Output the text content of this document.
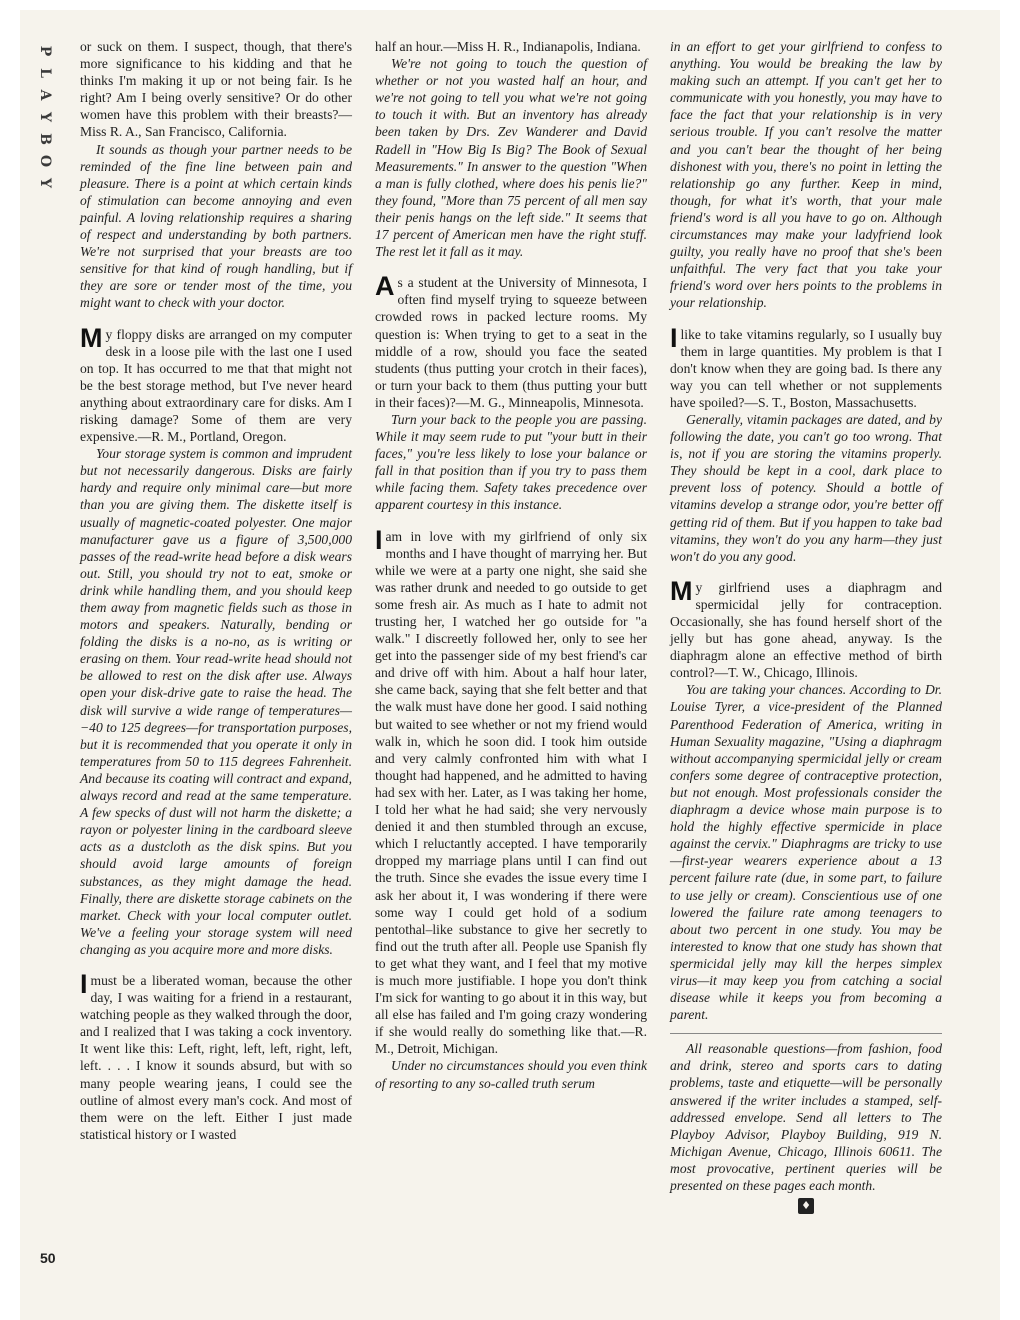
P
L
A
Y
B
O
Y
50

or suck on them. I suspect, though, that there's more significance to his kidding and that he thinks I'm making it up or not being fair. Is he right? Am I being overly sensitive? Or do other women have this problem with their breasts?—Miss R. A., San Francisco, California.

It sounds as though your partner needs to be reminded of the fine line between pain and pleasure. There is a point at which certain kinds of stimulation can become annoying and even painful. A loving relationship requires a sharing of respect and understanding by both partners. We're not surprised that your breasts are too sensitive for that kind of rough handling, but if they are sore or tender most of the time, you might want to check with your doctor.

My floppy disks are arranged on my computer desk in a loose pile with the last one I used on top. It has occurred to me that that might not be the best storage method, but I've never heard anything about extraordinary care for disks. Am I risking damage? Some of them are very expensive.—R. M., Portland, Oregon.

Your storage system is common and imprudent but not necessarily dangerous. Disks are fairly hardy and require only minimal care—but more than you are giving them. The diskette itself is usually of magnetic-coated polyester. One major manufacturer gave us a figure of 3,500,000 passes of the read-write head before a disk wears out. Still, you should try not to eat, smoke or drink while handling them, and you should keep them away from magnetic fields such as those in motors and speakers. Naturally, bending or folding the disks is a no-no, as is writing or erasing on them. Your read-write head should not be allowed to rest on the disk after use. Always open your disk-drive gate to raise the head. The disk will survive a wide range of temperatures—−40 to 125 degrees—for transportation purposes, but it is recommended that you operate it only in temperatures from 50 to 115 degrees Fahrenheit. And because its coating will contract and expand, always record and read at the same temperature. A few specks of dust will not harm the diskette; a rayon or polyester lining in the cardboard sleeve acts as a dustcloth as the disk spins. But you should avoid large amounts of foreign substances, as they might damage the head. Finally, there are diskette storage cabinets on the market. Check with your local computer outlet. We've a feeling your storage system will need changing as you acquire more and more disks.

Imust be a liberated woman, because the other day, I was waiting for a friend in a restaurant, watching people as they walked through the door, and I realized that I was taking a cock inventory. It went like this: Left, right, left, left, right, left, left. . . . I know it sounds absurd, but with so many people wearing jeans, I could see the outline of almost every man's cock. And most of them were on the left. Either I just made statistical history or I wasted

half an hour.—Miss H. R., Indianapolis, Indiana.

We're not going to touch the question of whether or not you wasted half an hour, and we're not going to tell you what we're not going to touch it with. But an inventory has already been taken by Drs. Zev Wanderer and David Radell in "How Big Is Big? The Book of Sexual Measurements." In answer to the question "When a man is fully clothed, where does his penis lie?" they found, "More than 75 percent of all men say their penis hangs on the left side." It seems that 17 percent of American men have the right stuff. The rest let it fall as it may.

As a student at the University of Minnesota, I often find myself trying to squeeze between crowded rows in packed lecture rooms. My question is: When trying to get to a seat in the middle of a row, should you face the seated students (thus putting your crotch in their faces), or turn your back to them (thus putting your butt in their faces)?—M. G., Minneapolis, Minnesota.

Turn your back to the people you are passing. While it may seem rude to put "your butt in their faces," you're less likely to lose your balance or fall in that position than if you try to pass them while facing them. Safety takes precedence over apparent courtesy in this instance.

Iam in love with my girlfriend of only six months and I have thought of marrying her. But while we were at a party one night, she said she was rather drunk and needed to go outside to get some fresh air. As much as I hate to admit not trusting her, I watched her go outside for "a walk." I discreetly followed her, only to see her get into the passenger side of my best friend's car and drive off with him. About a half hour later, she came back, saying that she felt better and that the walk must have done her good. I said nothing but waited to see whether or not my friend would walk in, which he soon did. I took him outside and very calmly confronted him with what I thought had happened, and he admitted to having had sex with her. Later, as I was taking her home, I told her what he had said; she very nervously denied it and then stumbled through an excuse, which I reluctantly accepted. I have temporarily dropped my marriage plans until I can find out the truth. Since she evades the issue every time I ask her about it, I was wondering if there were some way I could get hold of a sodium pentothal–like substance to give her secretly to find out the truth after all. People use Spanish fly to get what they want, and I feel that my motive is much more justifiable. I hope you don't think I'm sick for wanting to go about it in this way, but all else has failed and I'm going crazy wondering if she would really do something like that.—R. M., Detroit, Michigan.

Under no circumstances should you even think of resorting to any so-called truth serum

in an effort to get your girlfriend to confess to anything. You would be breaking the law by making such an attempt. If you can't get her to communicate with you honestly, you may have to face the fact that your relationship is in very serious trouble. If you can't resolve the matter and you can't bear the thought of her being dishonest with you, there's no point in letting the relationship go any further. Keep in mind, though, for what it's worth, that your male friend's word is all you have to go on. Although circumstances may make your ladyfriend look guilty, you really have no proof that she's been unfaithful. The very fact that you take your friend's word over hers points to the problems in your relationship.

Ilike to take vitamins regularly, so I usually buy them in large quantities. My problem is that I don't know when they are going bad. Is there any way you can tell whether or not supplements have spoiled?—S. T., Boston, Massachusetts.

Generally, vitamin packages are dated, and by following the date, you can't go too wrong. That is, not if you are storing the vitamins properly. They should be kept in a cool, dark place to prevent loss of potency. Should a bottle of vitamins develop a strange odor, you're better off getting rid of them. But if you happen to take bad vitamins, they won't do you any harm—they just won't do you any good.

My girlfriend uses a diaphragm and spermicidal jelly for contraception. Occasionally, she has found herself short of the jelly but has gone ahead, anyway. Is the diaphragm alone an effective method of birth control?—T. W., Chicago, Illinois.

You are taking your chances. According to Dr. Louise Tyrer, a vice-president of the Planned Parenthood Federation of America, writing in Human Sexuality magazine, "Using a diaphragm without accompanying spermicidal jelly or cream confers some degree of contraceptive protection, but not enough. Most professionals consider the diaphragm a device whose main purpose is to hold the highly effective spermicide in place against the cervix." Diaphragms are tricky to use—first-year wearers experience about a 13 percent failure rate (due, in some part, to failure to use jelly or cream). Conscientious use of one lowered the failure rate among teenagers to about two percent in one study. You may be interested to know that one study has shown that spermicidal jelly may kill the herpes simplex virus—it may keep you from catching a social disease while it keeps you from becoming a parent.

All reasonable questions—from fashion, food and drink, stereo and sports cars to dating problems, taste and etiquette—will be personally answered if the writer includes a stamped, self-addressed envelope. Send all letters to The Playboy Advisor, Playboy Building, 919 N. Michigan Avenue, Chicago, Illinois 60611. The most provocative, pertinent queries will be presented on these pages each month.

♦
